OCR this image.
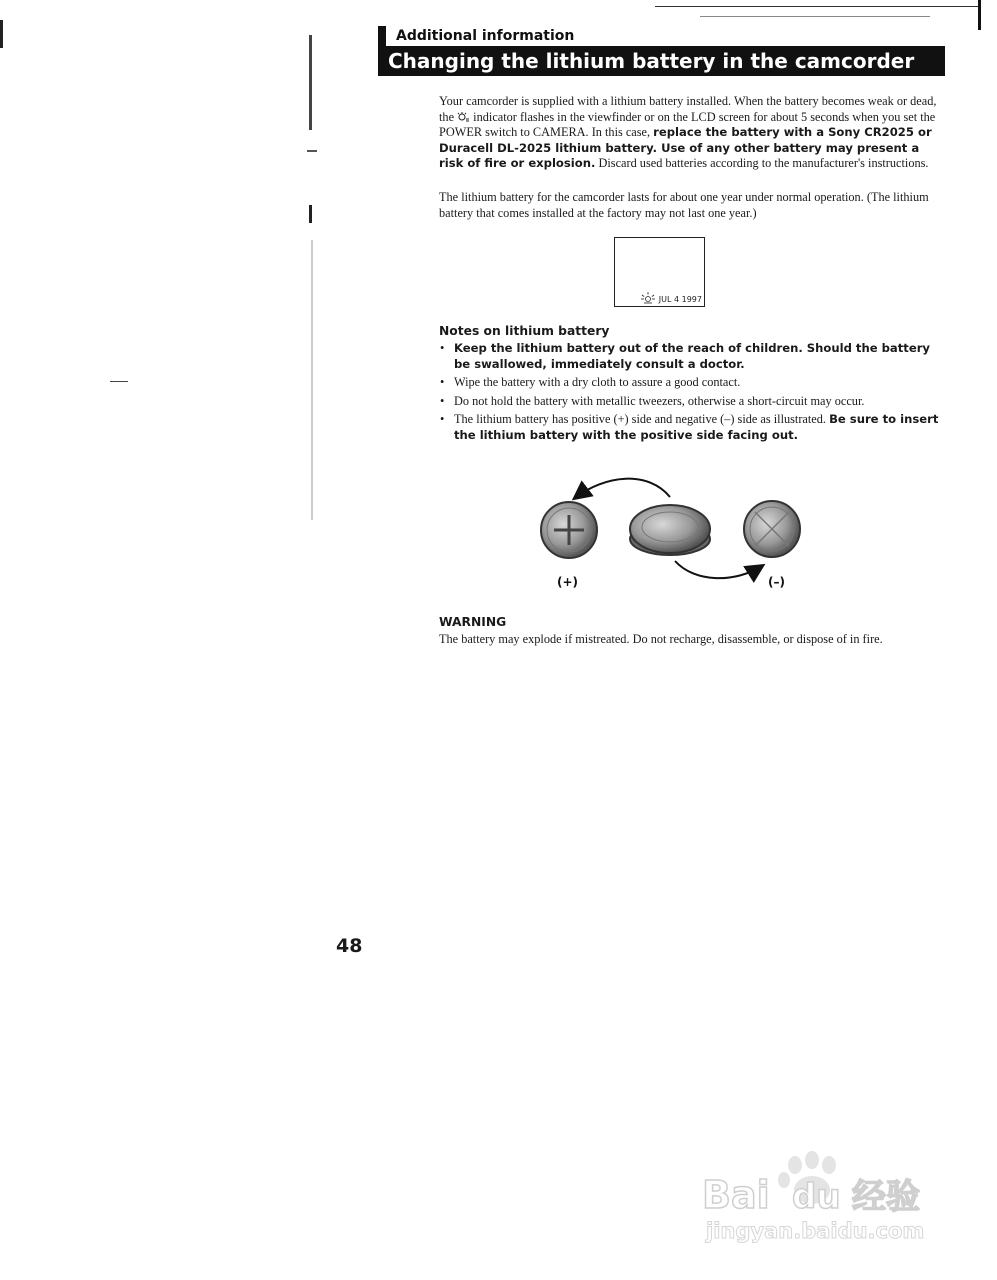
Additional information
Changing the lithium battery in the camcorder

Your camcorder is supplied with a lithium battery installed. When the battery becomes weak or dead, the  indicator flashes in the viewfinder or on the LCD screen for about 5 seconds when you set the POWER switch to CAMERA. In this case, replace the battery with a Sony CR2025 or Duracell DL-2025 lithium battery. Use of any other battery may present a risk of fire or explosion. Discard used batteries according to the manufacturer's instructions.

The lithium battery for the camcorder lasts for about one year under normal operation. (The lithium battery that comes installed at the factory may not last one year.)

JUL 4 1997

Notes on lithium battery

• Keep the lithium battery out of the reach of children. Should the battery be swallowed, immediately consult a doctor.
• Wipe the battery with a dry cloth to assure a good contact.
• Do not hold the battery with metallic tweezers, otherwise a short-circuit may occur.
• The lithium battery has positive (+) side and negative (–) side as illustrated. Be sure to insert the lithium battery with the positive side facing out.
(+)	(–)

WARNING

The battery may explode if mistreated. Do not recharge, disassemble, or dispose of in fire.

48
Bai du 经验
jingyan.baidu.com
